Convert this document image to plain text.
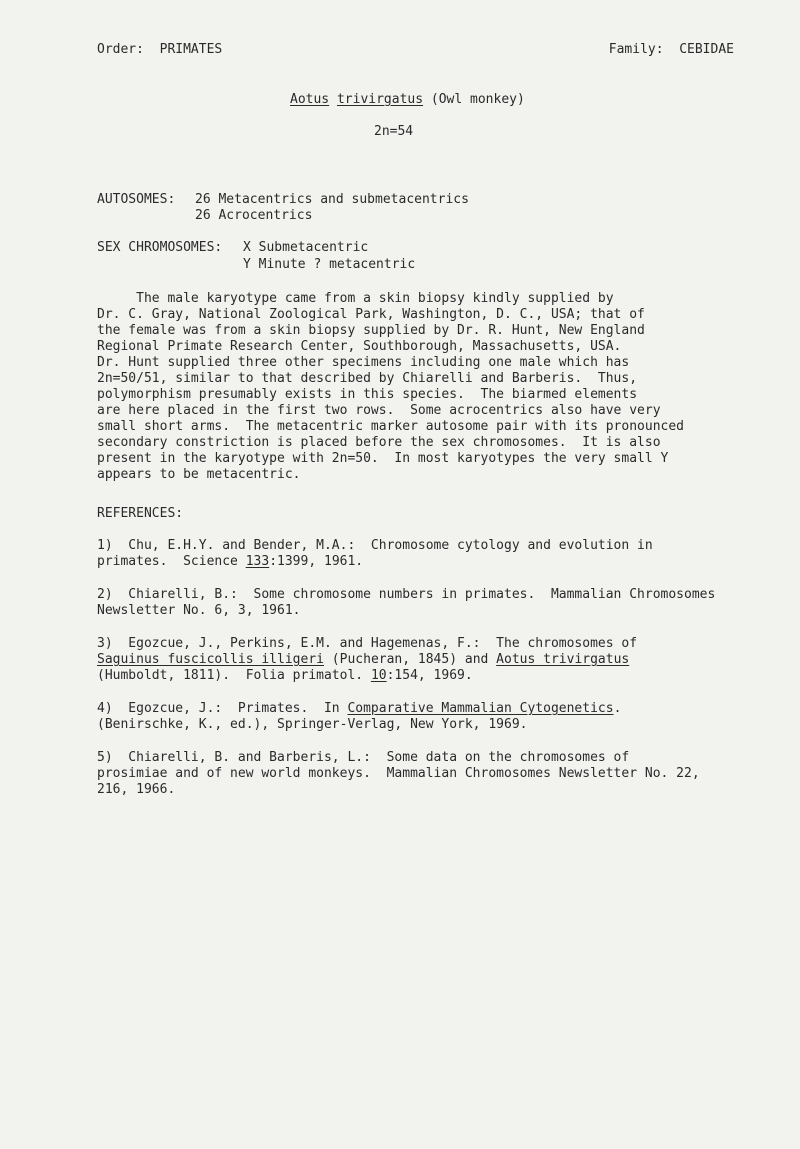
Order:  PRIMATES	Family:  CEBIDAE
Aotus trivirgatus (Owl monkey)
2n=54
AUTOSOMES: 26 Metacentrics and submetacentrics
26 Acrocentrics
SEX CHROMOSOMES: X Submetacentric
Y Minute ? metacentric
The male karyotype came from a skin biopsy kindly supplied by
Dr. C. Gray, National Zoological Park, Washington, D. C., USA; that of
the female was from a skin biopsy supplied by Dr. R. Hunt, New England
Regional Primate Research Center, Southborough, Massachusetts, USA.
Dr. Hunt supplied three other specimens including one male which has
2n=50/51, similar to that described by Chiarelli and Barberis.  Thus,
polymorphism presumably exists in this species.  The biarmed elements
are here placed in the first two rows.  Some acrocentrics also have very
small short arms.  The metacentric marker autosome pair with its pronounced
secondary constriction is placed before the sex chromosomes.  It is also
present in the karyotype with 2n=50.  In most karyotypes the very small Y
appears to be metacentric.
REFERENCES:
1)  Chu, E.H.Y. and Bender, M.A.:  Chromosome cytology and evolution in
primates.  Science 133:1399, 1961.
2)  Chiarelli, B.:  Some chromosome numbers in primates.  Mammalian Chromosomes
Newsletter No. 6, 3, 1961.
3)  Egozcue, J., Perkins, E.M. and Hagemenas, F.:  The chromosomes of
Saguinus fuscicollis illigeri (Pucheran, 1845) and Aotus trivirgatus
(Humboldt, 1811).  Folia primatol. 10:154, 1969.
4)  Egozcue, J.:  Primates.  In Comparative Mammalian Cytogenetics.
(Benirschke, K., ed.), Springer-Verlag, New York, 1969.
5)  Chiarelli, B. and Barberis, L.:  Some data on the chromosomes of
prosimiae and of new world monkeys.  Mammalian Chromosomes Newsletter No. 22,
216, 1966.
